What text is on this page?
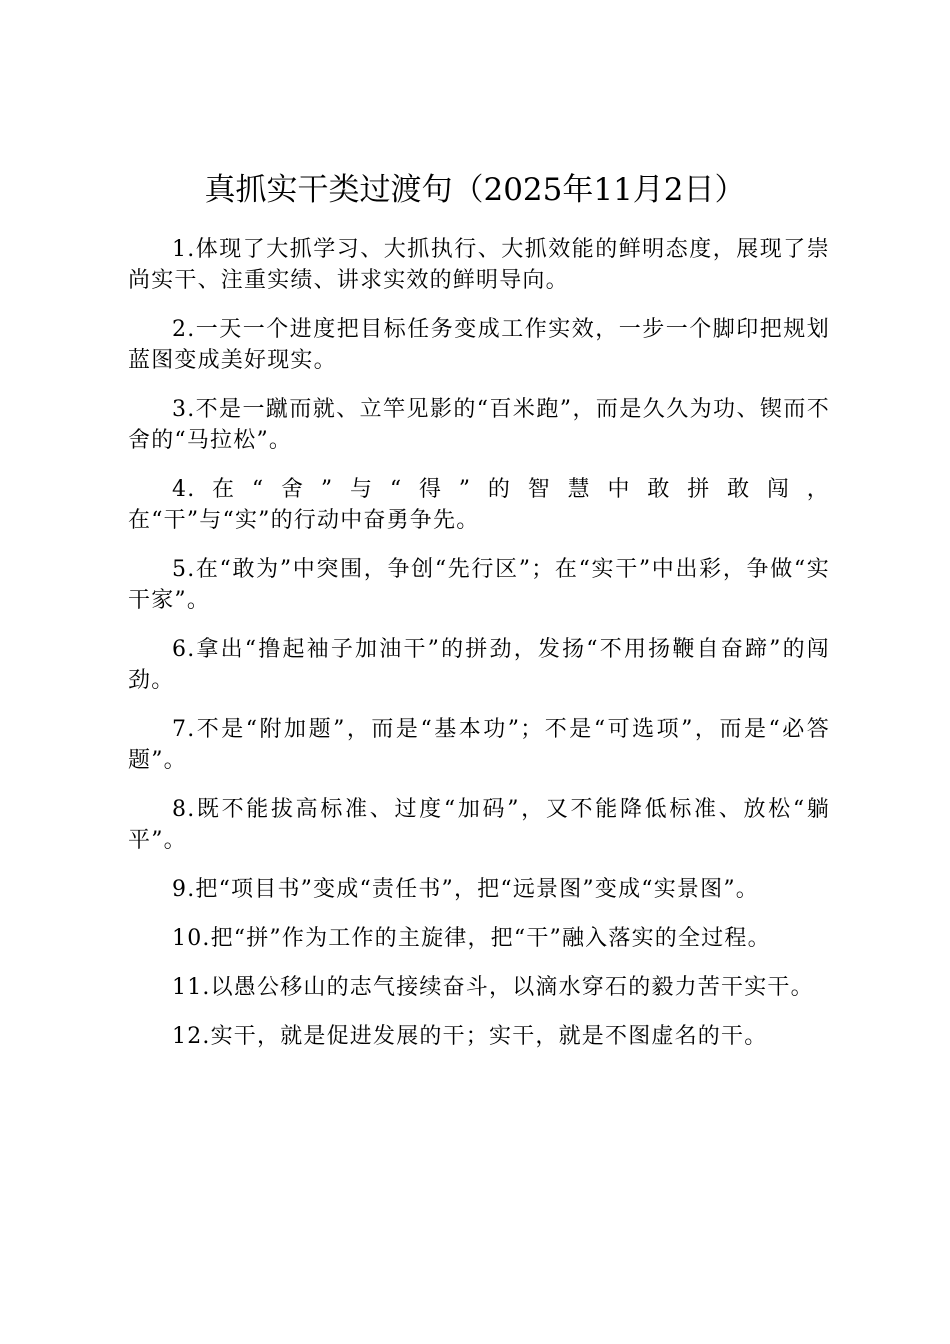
真抓实干类过渡句（2025年11月2日）

1.体现了大抓学习、大抓执行、大抓效能的鲜明态度，展现了崇尚实干、注重实绩、讲求实效的鲜明导向。

2.一天一个进度把目标任务变成工作实效，一步一个脚印把规划蓝图变成美好现实。

3.不是一蹴而就、立竿见影的“百米跑”，而是久久为功、锲而不舍的“马拉松”。

4.在“舍”与“得”的智慧中敢拼敢闯，
在“干”与“实”的行动中奋勇争先。

5.在“敢为”中突围，争创“先行区”；在“实干”中出彩，争做“实干家”。

6.拿出“撸起袖子加油干”的拼劲，发扬“不用扬鞭自奋蹄”的闯劲。

7.不是“附加题”，而是“基本功”；不是“可选项”，而是“必答题”。

8.既不能拔高标准、过度“加码”，又不能降低标准、放松“躺平”。

9.把“项目书”变成“责任书”，把“远景图”变成“实景图”。

10.把“拼”作为工作的主旋律，把“干”融入落实的全过程。

11.以愚公移山的志气接续奋斗，以滴水穿石的毅力苦干实干。

12.实干，就是促进发展的干；实干，就是不图虚名的干。
